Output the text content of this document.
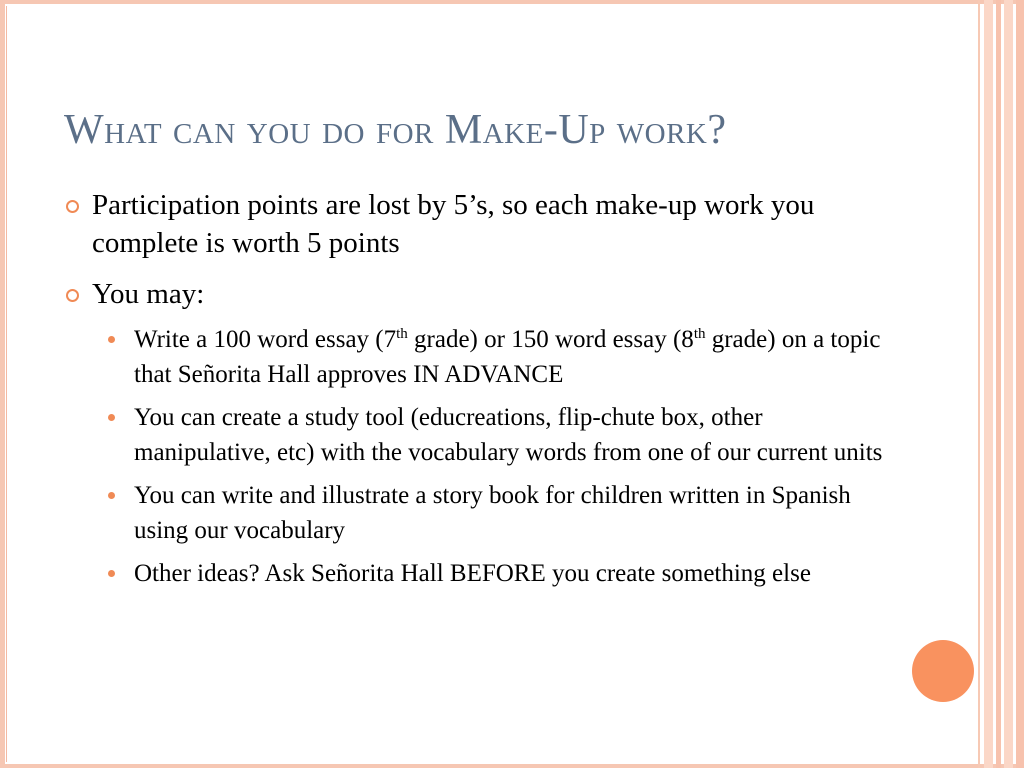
What can you do for Make-Up work?
Participation points are lost by 5’s, so each make-up work you complete is worth 5 points
You may:
Write a 100 word essay (7th grade) or 150 word essay (8th grade) on a topic that Señorita Hall approves IN ADVANCE
You can create a study tool (educreations, flip-chute box, other manipulative, etc) with the vocabulary words from one of our current units
You can write and illustrate a story book for children written in Spanish using our vocabulary
Other ideas? Ask Señorita Hall BEFORE you create something else
